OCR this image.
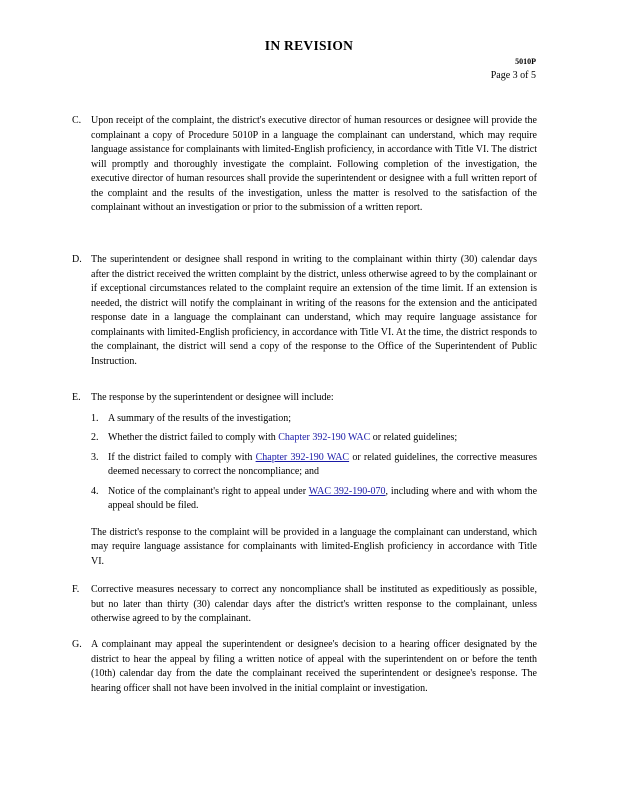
IN REVISION
5010P
Page 3 of 5
C. Upon receipt of the complaint, the district's executive director of human resources or designee will provide the complainant a copy of Procedure 5010P in a language the complainant can understand, which may require language assistance for complainants with limited-English proficiency, in accordance with Title VI. The district will promptly and thoroughly investigate the complaint. Following completion of the investigation, the executive director of human resources shall provide the superintendent or designee with a full written report of the complaint and the results of the investigation, unless the matter is resolved to the satisfaction of the complainant without an investigation or prior to the submission of a written report.
D. The superintendent or designee shall respond in writing to the complainant within thirty (30) calendar days after the district received the written complaint by the district, unless otherwise agreed to by the complainant or if exceptional circumstances related to the complaint require an extension of the time limit. If an extension is needed, the district will notify the complainant in writing of the reasons for the extension and the anticipated response date in a language the complainant can understand, which may require language assistance for complainants with limited-English proficiency, in accordance with Title VI. At the time, the district responds to the complainant, the district will send a copy of the response to the Office of the Superintendent of Public Instruction.
E. The response by the superintendent or designee will include:
1. A summary of the results of the investigation;
2. Whether the district failed to comply with Chapter 392-190 WAC or related guidelines;
3. If the district failed to comply with Chapter 392-190 WAC or related guidelines, the corrective measures deemed necessary to correct the noncompliance; and
4. Notice of the complainant's right to appeal under WAC 392-190-070, including where and with whom the appeal should be filed.
The district's response to the complaint will be provided in a language the complainant can understand, which may require language assistance for complainants with limited-English proficiency in accordance with Title VI.
F. Corrective measures necessary to correct any noncompliance shall be instituted as expeditiously as possible, but no later than thirty (30) calendar days after the district's written response to the complainant, unless otherwise agreed to by the complainant.
G. A complainant may appeal the superintendent or designee's decision to a hearing officer designated by the district to hear the appeal by filing a written notice of appeal with the superintendent on or before the tenth (10th) calendar day from the date the complainant received the superintendent or designee's response. The hearing officer shall not have been involved in the initial complaint or investigation.
